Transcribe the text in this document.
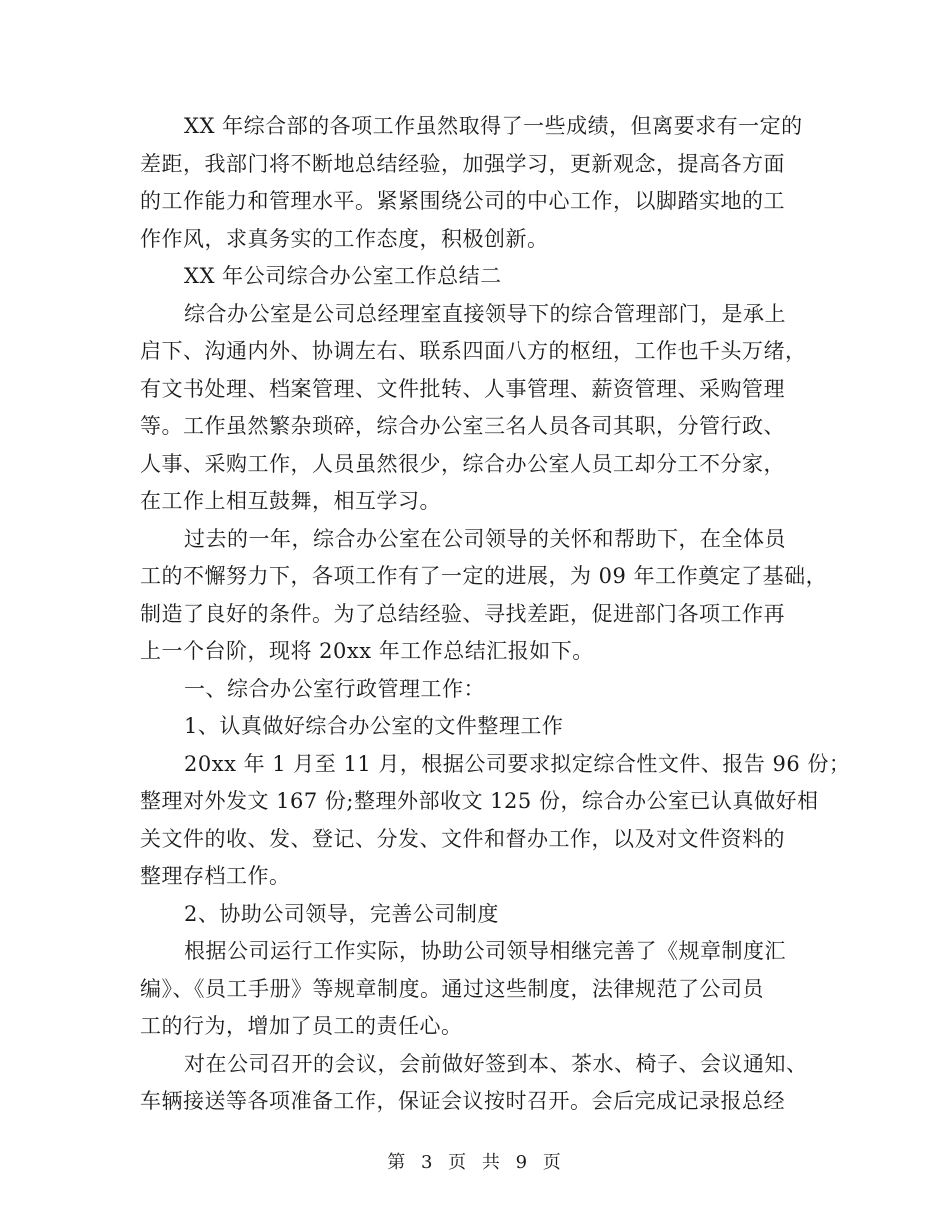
XX 年综合部的各项工作虽然取得了一些成绩，但离要求有一定的
差距，我部门将不断地总结经验，加强学习，更新观念，提高各方面
的工作能力和管理水平。紧紧围绕公司的中心工作，以脚踏实地的工
作作风，求真务实的工作态度，积极创新。
XX 年公司综合办公室工作总结二
综合办公室是公司总经理室直接领导下的综合管理部门，是承上
启下、沟通内外、协调左右、联系四面八方的枢纽，工作也千头万绪，
有文书处理、档案管理、文件批转、人事管理、薪资管理、采购管理
等。工作虽然繁杂琐碎，综合办公室三名人员各司其职，分管行政、
人事、采购工作，人员虽然很少，综合办公室人员工却分工不分家，
在工作上相互鼓舞，相互学习。
过去的一年，综合办公室在公司领导的关怀和帮助下，在全体员
工的不懈努力下，各项工作有了一定的进展，为 09 年工作奠定了基础，
制造了良好的条件。为了总结经验、寻找差距，促进部门各项工作再
上一个台阶，现将 20xx 年工作总结汇报如下。
一、综合办公室行政管理工作：
1、认真做好综合办公室的文件整理工作
20xx 年 1 月至 11 月，根据公司要求拟定综合性文件、报告 96 份；
整理对外发文 167 份;整理外部收文 125 份，综合办公室已认真做好相
关文件的收、发、登记、分发、文件和督办工作，以及对文件资料的
整理存档工作。
2、协助公司领导，完善公司制度
根据公司运行工作实际，协助公司领导相继完善了《规章制度汇
编》、《员工手册》等规章制度。通过这些制度，法律规范了公司员
工的行为，增加了员工的责任心。
对在公司召开的会议，会前做好签到本、茶水、椅子、会议通知、
车辆接送等各项准备工作，保证会议按时召开。会后完成记录报总经
第 3 页 共 9 页
